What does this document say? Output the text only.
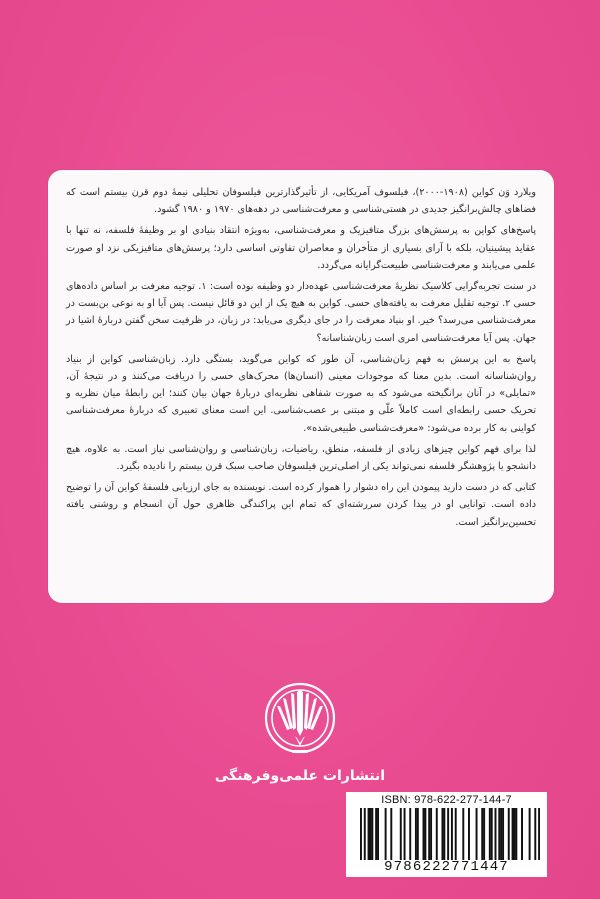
ویلارد وَن کواین (۱۹۰۸-۲۰۰۰)، فیلسوف آمریکایی، از تأثیرگذارترین فیلسوفان تحلیلی نیمهٔ دوم قرن بیستم است که فضاهای چالش‌برانگیز جدیدی در هستی‌شناسی و معرفت‌شناسی در دهه‌های ۱۹۷۰ و ۱۹۸۰ گشود.

پاسخ‌های کواین به پرسش‌های بزرگ متافیزیک و معرفت‌شناسی، به‌ویژه انتقاد بنیادی او بر وظیفهٔ فلسفه، نه تنها با عقاید پیشینیان، بلکه با آرای بسیاری از متأخران و معاصران تفاوتی اساسی دارد؛ پرسش‌های متافیزیکی نزد او صورت علمی می‌یابند و معرفت‌شناسی طبیعت‌گرایانه می‌گردد.

در سنت تجربه‌گرایی کلاسیک نظریهٔ معرفت‌شناسی عهده‌دار دو وظیفه بوده است: ۱. توجیه معرفت بر اساس داده‌های حسی ۲. توجیه تقلیل معرفت به یافته‌های حسی. کواین به هیچ یک از این دو قائل نیست. پس آیا او به نوعی بن‌بست در معرفت‌شناسی می‌رسد؟ خیر. او بنیاد معرفت را در جای دیگری می‌یابد: در زبان، در ظرفیت سخن گفتن دربارهٔ اشیا در جهان. پس آیا معرفت‌شناسی امری است زبان‌شناسانه؟

پاسخ به این پرسش به فهم زبان‌شناسی، آن طور که کواین می‌گوید، بستگی دارد. زبان‌شناسی کواین از بنیاد روان‌شناسانه است. بدین معنا که موجودات معینی (انسان‌ها) محرک‌های حسی را دریافت می‌کنند و در نتیجهٔ آن، «تمایلی» در آنان برانگیخته می‌شود که به صورت شفاهی نظریه‌ای دربارهٔ جهان بیان کنند؛ این رابطهٔ میان نظریه و تحریک حسی رابطه‌ای است کاملاً علّی و مبتنی بر عصب‌شناسی. این است معنای تعبیری که دربارهٔ معرفت‌شناسی کواینی به کار برده می‌شود: «معرفت‌شناسی طبیعی‌شده».

لذا برای فهم کواین چیزهای زیادی از فلسفه، منطق، ریاضیات، زبان‌شناسی و روان‌شناسی نیاز است. به علاوه، هیچ دانشجو یا پژوهشگر فلسفه نمی‌تواند یکی از اصلی‌ترین فیلسوفان صاحب سبک قرن بیستم را نادیده بگیرد.

کتابی که در دست دارید پیمودن این راه دشوار را هموار کرده است. نویسنده به جای ارزیابی فلسفهٔ کواین آن را توضیح داده است. توانایی او در پیدا کردن سررشته‌ای که تمام این پراکندگی ظاهری حول آن انسجام و روشنی یافته تحسین‌برانگیز است.

انتشارات علمی‌وفرهنگی
ISBN: 978-622-277-144-7
9786222771447
